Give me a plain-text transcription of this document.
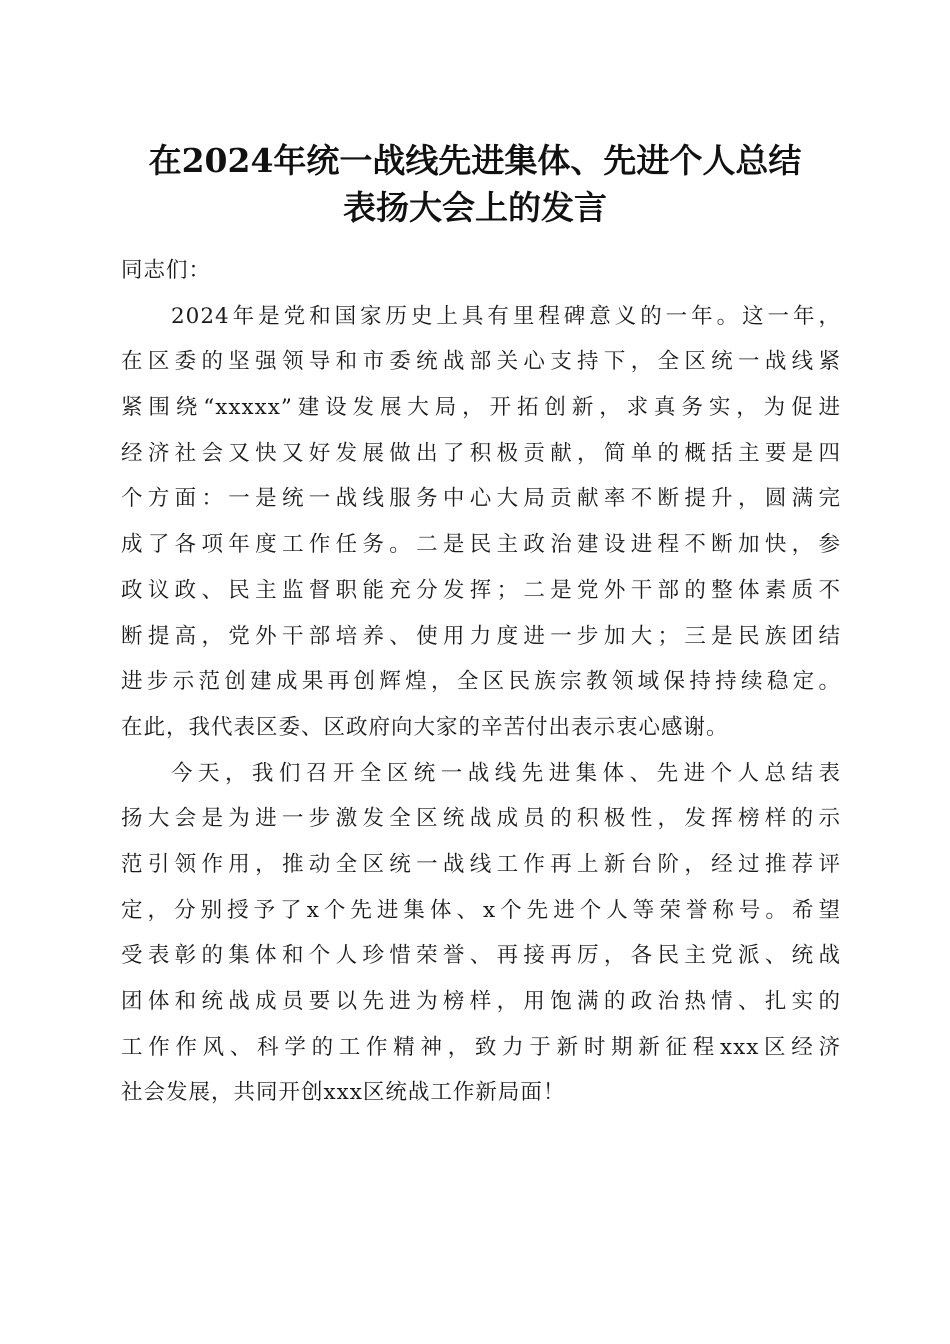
在2024年统一战线先进集体、先进个人总结
表扬大会上的发言
同志们：
2024年是党和国家历史上具有里程碑意义的一年。这一年，
在区委的坚强领导和市委统战部关心支持下，全区统一战线紧
紧围绕“xxxxx”建设发展大局，开拓创新，求真务实，为促进
经济社会又快又好发展做出了积极贡献，简单的概括主要是四
个方面：一是统一战线服务中心大局贡献率不断提升，圆满完
成了各项年度工作任务。二是民主政治建设进程不断加快，参
政议政、民主监督职能充分发挥；二是党外干部的整体素质不
断提高，党外干部培养、使用力度进一步加大；三是民族团结
进步示范创建成果再创辉煌，全区民族宗教领域保持持续稳定。
在此，我代表区委、区政府向大家的辛苦付出表示衷心感谢。
今天，我们召开全区统一战线先进集体、先进个人总结表
扬大会是为进一步激发全区统战成员的积极性，发挥榜样的示
范引领作用，推动全区统一战线工作再上新台阶，经过推荐评
定，分别授予了x个先进集体、x个先进个人等荣誉称号。希望
受表彰的集体和个人珍惜荣誉、再接再厉，各民主党派、统战
团体和统战成员要以先进为榜样，用饱满的政治热情、扎实的
工作作风、科学的工作精神，致力于新时期新征程xxx区经济
社会发展，共同开创xxx区统战工作新局面！
